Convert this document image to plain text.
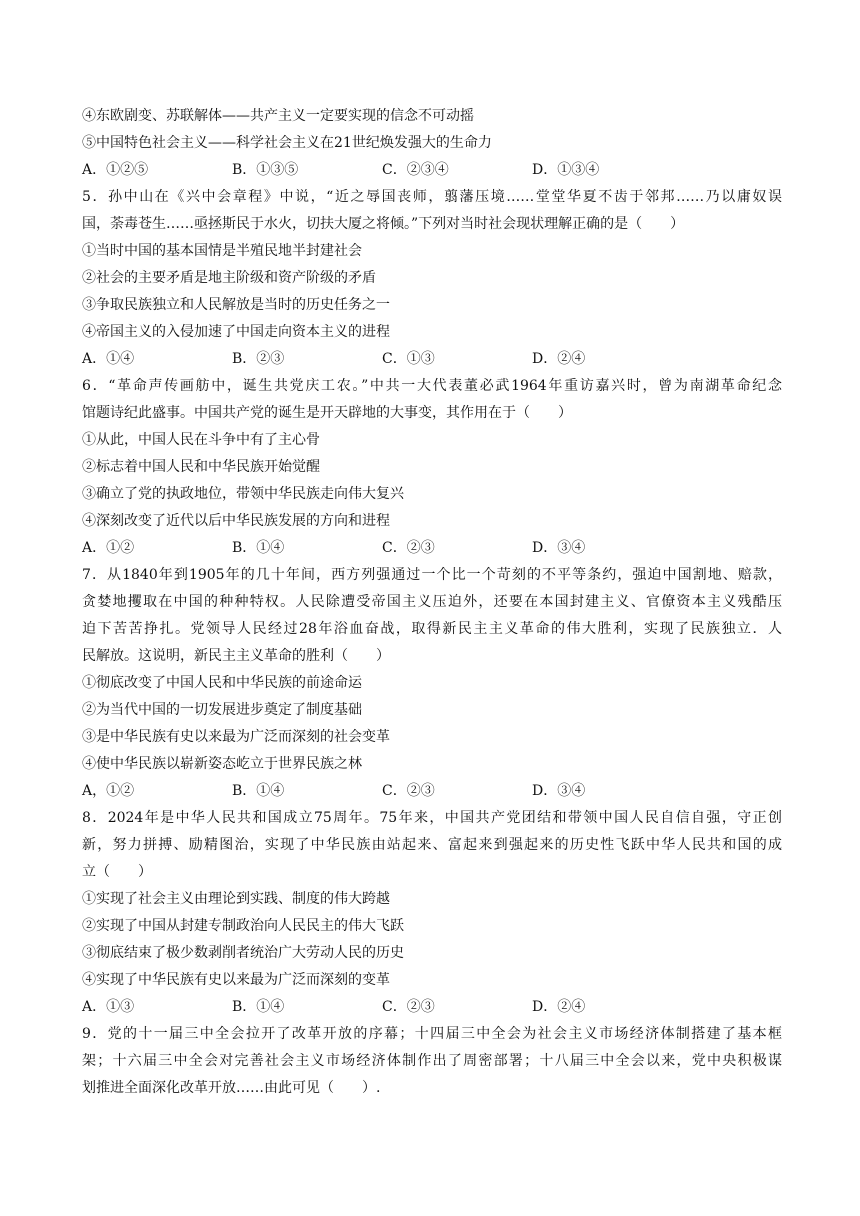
④东欧剧变、苏联解体——共产主义一定要实现的信念不可动摇
⑤中国特色社会主义——科学社会主义在21世纪焕发强大的生命力
A．①②⑤	B．①③⑤	C．②③④	D．①③④
5．孙中山在《兴中会章程》中说，“近之辱国丧师，翦藩压境……堂堂华夏不齿于邻邦……乃以庸奴误
国，荼毒苍生……亟拯斯民于水火，切扶大厦之将倾。”下列对当时社会现状理解正确的是（　　）
①当时中国的基本国情是半殖民地半封建社会
②社会的主要矛盾是地主阶级和资产阶级的矛盾
③争取民族独立和人民解放是当时的历史任务之一
④帝国主义的入侵加速了中国走向资本主义的进程
A．①④	B．②③	C．①③	D．②④
6．“革命声传画舫中，诞生共党庆工农。”中共一大代表董必武1964年重访嘉兴时，曾为南湖革命纪念
馆题诗纪此盛事。中国共产党的诞生是开天辟地的大事变，其作用在于（　　）
①从此，中国人民在斗争中有了主心骨
②标志着中国人民和中华民族开始觉醒
③确立了党的执政地位，带领中华民族走向伟大复兴
④深刻改变了近代以后中华民族发展的方向和进程
A．①②	B．①④	C．②③	D．③④
7．从1840年到1905年的几十年间，西方列强通过一个比一个苛刻的不平等条约，强迫中国割地、赔款，
贪婪地攫取在中国的种种特权。人民除遭受帝国主义压迫外，还要在本国封建主义、官僚资本主义残酷压
迫下苦苦挣扎。党领导人民经过28年浴血奋战，取得新民主主义革命的伟大胜利，实现了民族独立．人
民解放。这说明，新民主主义革命的胜利（　　）
①彻底改变了中国人民和中华民族的前途命运
②为当代中国的一切发展进步奠定了制度基础
③是中华民族有史以来最为广泛而深刻的社会变革
④使中华民族以崭新姿态屹立于世界民族之林
A，①②	B．①④	C．②③	D．③④
8．2024年是中华人民共和国成立75周年。75年来，中国共产党团结和带领中国人民自信自强，守正创
新，努力拼搏、励精图治，实现了中华民族由站起来、富起来到强起来的历史性飞跃中华人民共和国的成
立（　　）
①实现了社会主义由理论到实践、制度的伟大跨越
②实现了中国从封建专制政治向人民民主的伟大飞跃
③彻底结束了极少数剥削者统治广大劳动人民的历史
④实现了中华民族有史以来最为广泛而深刻的变革
A．①③	B．①④	C．②③	D．②④
9．党的十一届三中全会拉开了改革开放的序幕；十四届三中全会为社会主义市场经济体制搭建了基本框
架；十六届三中全会对完善社会主义市场经济体制作出了周密部署；十八届三中全会以来，党中央积极谋
划推进全面深化改革开放……由此可见（　　）.
